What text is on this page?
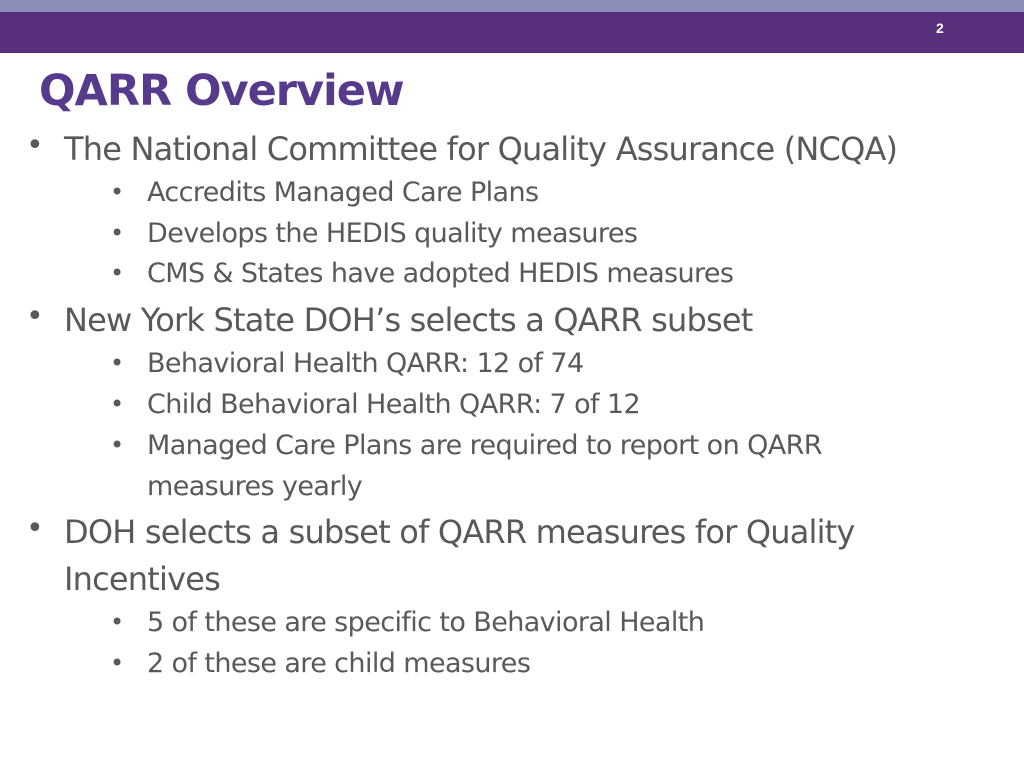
2
QARR Overview
• The National Committee for Quality Assurance (NCQA)
• Accredits Managed Care Plans
• Develops the HEDIS quality measures
• CMS & States have adopted HEDIS measures
• New York State DOH’s selects a QARR subset
• Behavioral Health QARR: 12 of 74
• Child Behavioral Health QARR: 7 of 12
• Managed Care Plans are required to report on QARR
measures yearly
• DOH selects a subset of QARR measures for Quality
Incentives
• 5 of these are specific to Behavioral Health
• 2 of these are child measures
